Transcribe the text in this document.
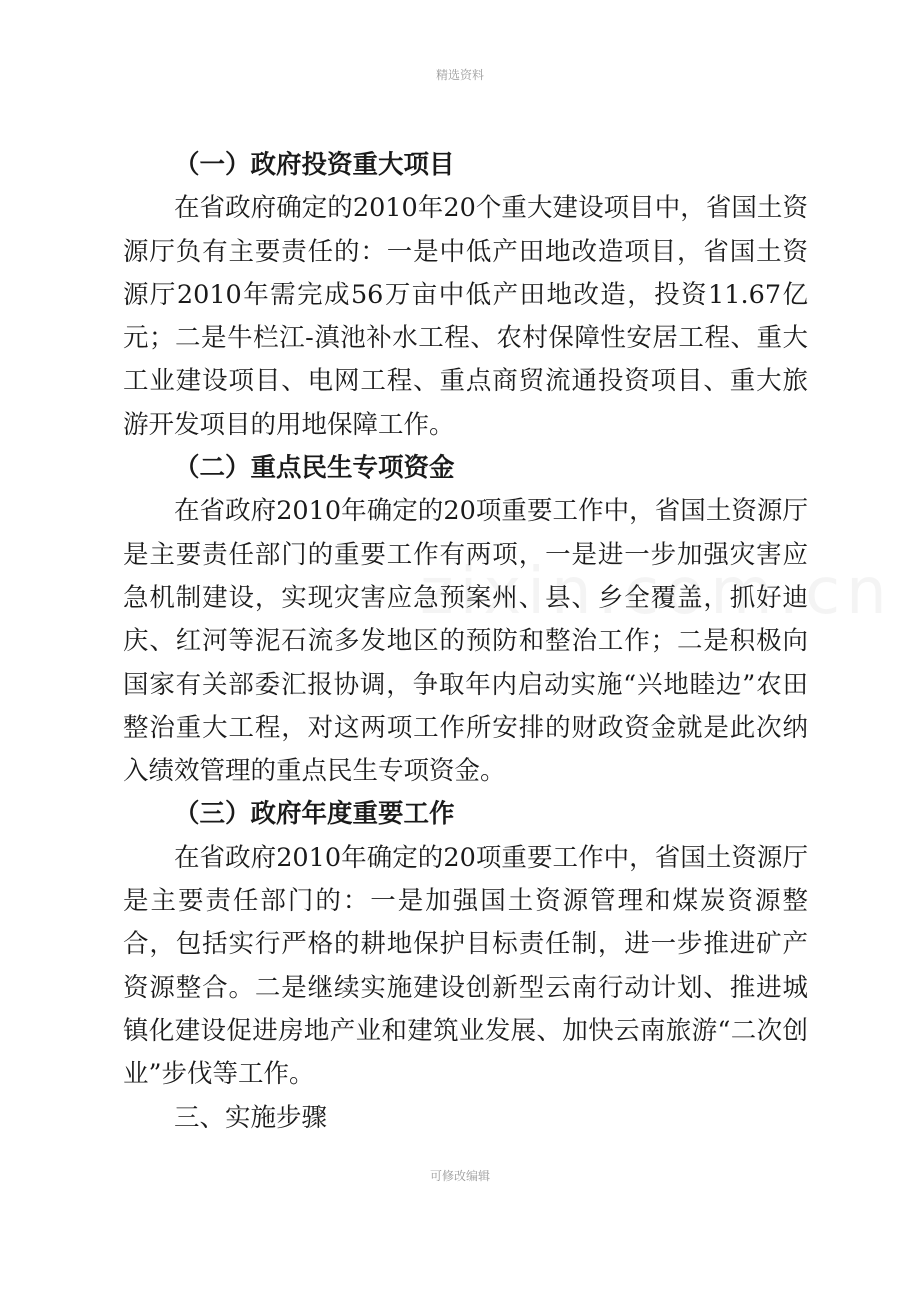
精选资料
（一）政府投资重大项目

在省政府确定的2010年20个重大建设项目中，省国土资源厅负有主要责任的：一是中低产田地改造项目，省国土资源厅2010年需完成56万亩中低产田地改造，投资11.67亿元；二是牛栏江-滇池补水工程、农村保障性安居工程、重大工业建设项目、电网工程、重点商贸流通投资项目、重大旅游开发项目的用地保障工作。

（二）重点民生专项资金

在省政府2010年确定的20项重要工作中，省国土资源厅是主要责任部门的重要工作有两项，一是进一步加强灾害应急机制建设，实现灾害应急预案州、县、乡全覆盖，抓好迪庆、红河等泥石流多发地区的预防和整治工作；二是积极向国家有关部委汇报协调，争取年内启动实施“兴地睦边”农田整治重大工程，对这两项工作所安排的财政资金就是此次纳入绩效管理的重点民生专项资金。

（三）政府年度重要工作

在省政府2010年确定的20项重要工作中，省国土资源厅是主要责任部门的：一是加强国土资源管理和煤炭资源整合，包括实行严格的耕地保护目标责任制，进一步推进矿产资源整合。二是继续实施建设创新型云南行动计划、推进城镇化建设促进房地产业和建筑业发展、加快云南旅游“二次创业”步伐等工作。

三、实施步骤
可修改编辑
